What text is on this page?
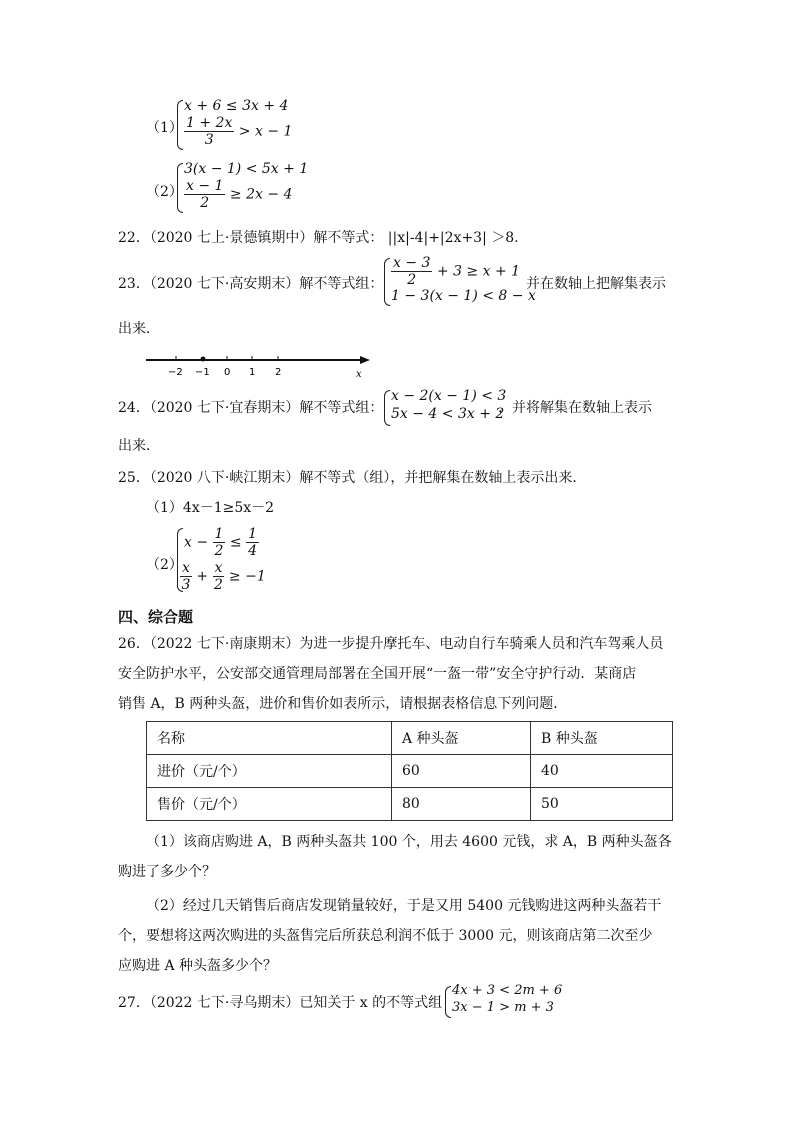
（1）
x + 6 ≤ 3x + 4
$\frac{1 + 2x}{3} > x - 1$
（2）
3(x − 1) < 5x + 1
$\frac{x - 1}{2} \ge 2x - 4$
22．（2020 七上·景德镇期中）解不等式： ||x|-4|+|2x+3| ＞8.
23．（2020 七下·高安期末）解不等式组： $\frac{x - 3}{2} + 3 \ge x + 1$
1 − 3(x − 1) < 8 − x
并在数轴上把解集表示
出来．
−2 −1 0 1 2	x
24．（2020 七下·宜春期末）解不等式组：
x − 2(x − 1) < 3
5x − 4 < 3x + 2
，并将解集在数轴上表示
出来．
25．（2020 八下·峡江期末）解不等式（组），并把解集在数轴上表示出来．
（1）4x－1≥5x－2
（2）
$x - \frac{1}{2} \le \frac{1}{4}$
$\frac{x}{3} + \frac{x}{2} \ge -1$
四、综合题
26．（2022 七下·南康期末）为进一步提升摩托车、电动自行车骑乘人员和汽车驾乘人员
安全防护水平，公安部交通管理局部署在全国开展“一盔一带”安全守护行动．某商店
销售 A，B 两种头盔，进价和售价如表所示，请根据表格信息下列问题．
名称	A 种头盔	B 种头盔
进价（元/个）	60	40
售价（元/个）	80	50
（1）该商店购进 A，B 两种头盔共 100 个，用去 4600 元钱，求 A，B 两种头盔各
购进了多少个？
（2）经过几天销售后商店发现销量较好，于是又用 5400 元钱购进这两种头盔若干
个，要想将这两次购进的头盔售完后所获总利润不低于 3000 元，则该商店第二次至少
应购进 A 种头盔多少个？
27．（2022 七下·寻乌期末）已知关于 x 的不等式组
4x + 3 < 2m + 6
3x − 1 > m + 3
